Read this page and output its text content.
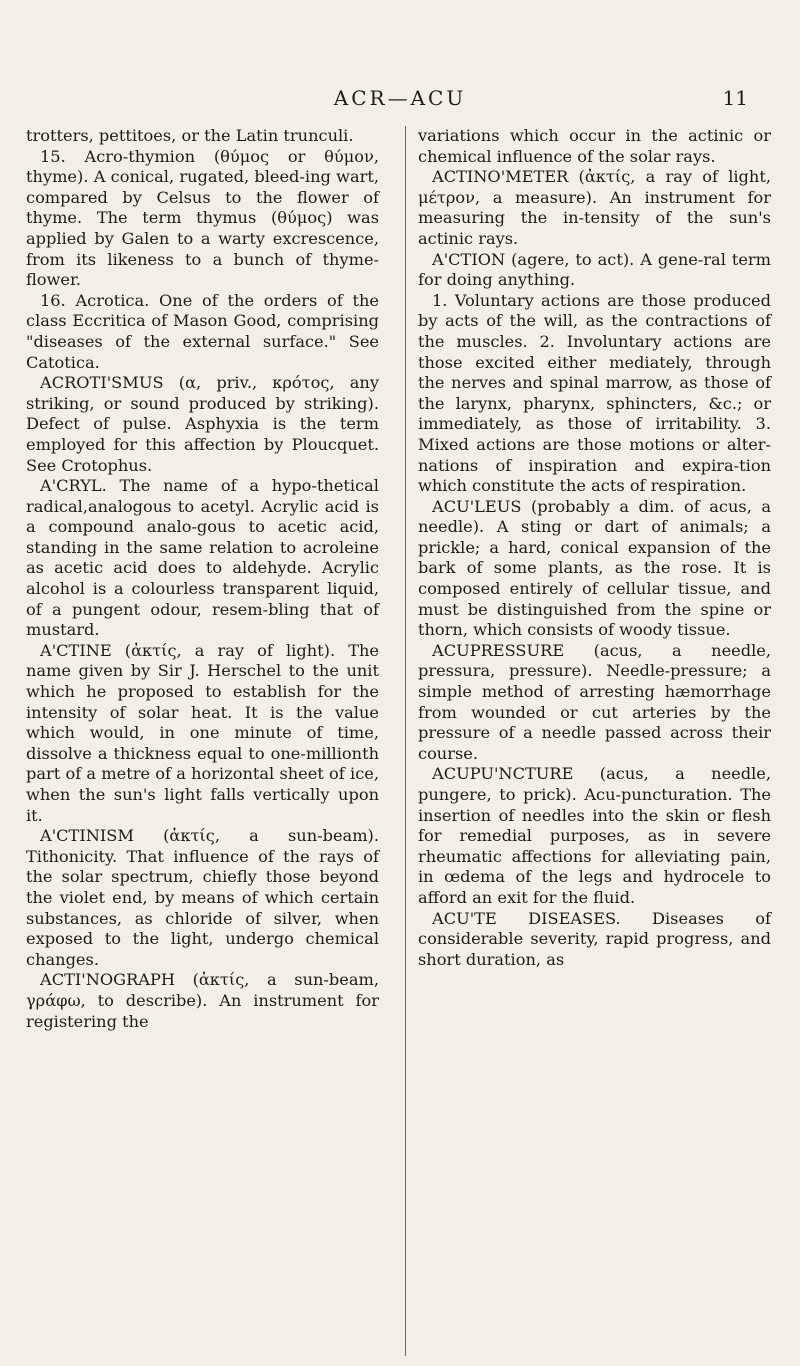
ACR—ACU	11

trotters, pettitoes, or the Latin trunculi.

15. Acro-thymion (θύμος or θύμον, thyme). A conical, rugated, bleed-ing wart, compared by Celsus to the flower of thyme. The term thymus (θύμος) was applied by Galen to a warty excrescence, from its likeness to a bunch of thyme-flower.

16. Acrotica. One of the orders of the class Eccritica of Mason Good, comprising "diseases of the external surface." See Catotica.

ACROTI'SMUS (α, priv., κρότος, any striking, or sound produced by striking). Defect of pulse. Asphyxia is the term employed for this affection by Ploucquet. See Crotophus.

A'CRYL. The name of a hypo-thetical radical,analogous to acetyl. Acrylic acid is a compound analo-gous to acetic acid, standing in the same relation to acroleine as acetic acid does to aldehyde. Acrylic alcohol is a colourless transparent liquid, of a pungent odour, resem-bling that of mustard.

A'CTINE (ἀκτίς, a ray of light). The name given by Sir J. Herschel to the unit which he proposed to establish for the intensity of solar heat. It is the value which would, in one minute of time, dissolve a thickness equal to one-millionth part of a metre of a horizontal sheet of ice, when the sun's light falls vertically upon it.

A'CTINISM (ἀκτίς, a sun-beam). Tithonicity. That influence of the rays of the solar spectrum, chiefly those beyond the violet end, by means of which certain substances, as chloride of silver, when exposed to the light, undergo chemical changes.

ACTI'NOGRAPH (ἀκτίς, a sun-beam, γράφω, to describe). An instrument for registering the

variations which occur in the actinic or chemical influence of the solar rays.

ACTINO'METER (ἀκτίς, a ray of light, μέτρον, a measure). An instrument for measuring the in-tensity of the sun's actinic rays.

A'CTION (agere, to act). A gene-ral term for doing anything.

1. Voluntary actions are those produced by acts of the will, as the contractions of the muscles. 2. Involuntary actions are those excited either mediately, through the nerves and spinal marrow, as those of the larynx, pharynx, sphincters, &c.; or immediately, as those of irritability. 3. Mixed actions are those motions or alter-nations of inspiration and expira-tion which constitute the acts of respiration.

ACU'LEUS (probably a dim. of acus, a needle). A sting or dart of animals; a prickle; a hard, conical expansion of the bark of some plants, as the rose. It is composed entirely of cellular tissue, and must be distinguished from the spine or thorn, which consists of woody tissue.

ACUPRESSURE (acus, a needle, pressura, pressure). Needle-pressure; a simple method of arresting hæmorrhage from wounded or cut arteries by the pressure of a needle passed across their course.

ACUPU'NCTURE (acus, a needle, pungere, to prick). Acu-puncturation. The insertion of needles into the skin or flesh for remedial purposes, as in severe rheumatic affections for alleviating pain, in œdema of the legs and hydrocele to afford an exit for the fluid.

ACU'TE DISEASES. Diseases of considerable severity, rapid progress, and short duration, as
